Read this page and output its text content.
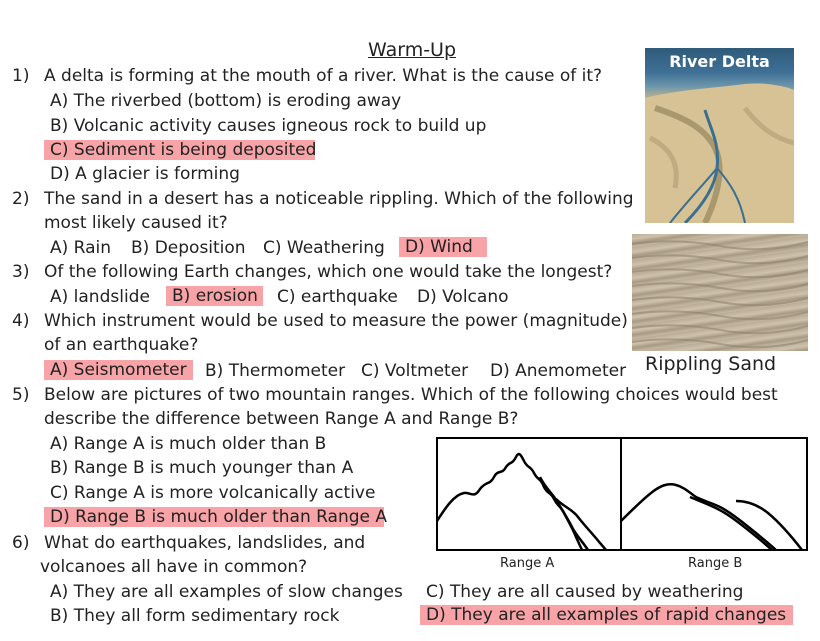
Warm-Up
1) A delta is forming at the mouth of a river. What is the cause of it?
A) The riverbed (bottom) is eroding away
B) Volcanic activity causes igneous rock to build up
C) Sediment is being deposited
D) A glacier is forming
2) The sand in a desert has a noticeable rippling. Which of the following
most likely caused it?
A) Rain B) Deposition C) Weathering	D) Wind
3) Of the following Earth changes, which one would take the longest?
A) landslide	B) erosion C) earthquake D) Volcano
4) Which instrument would be used to measure the power (magnitude)
of an earthquake?
A) Seismometer	B) Thermometer C) Voltmeter D) Anemometer
5) Below are pictures of two mountain ranges. Which of the following choices would best
describe the difference between Range A and Range B?
A) Range A is much older than B
B) Range B is much younger than A
C) Range A is more volcanically active
D) Range B is much older than Range A
6) What do earthquakes, landslides, and
volcanoes all have in common?
A) They are all examples of slow changes
B) They all form sedimentary rock
C) They are all caused by weathering
D) They are all examples of rapid changes
River Delta
Rippling Sand
Range A	Range B
